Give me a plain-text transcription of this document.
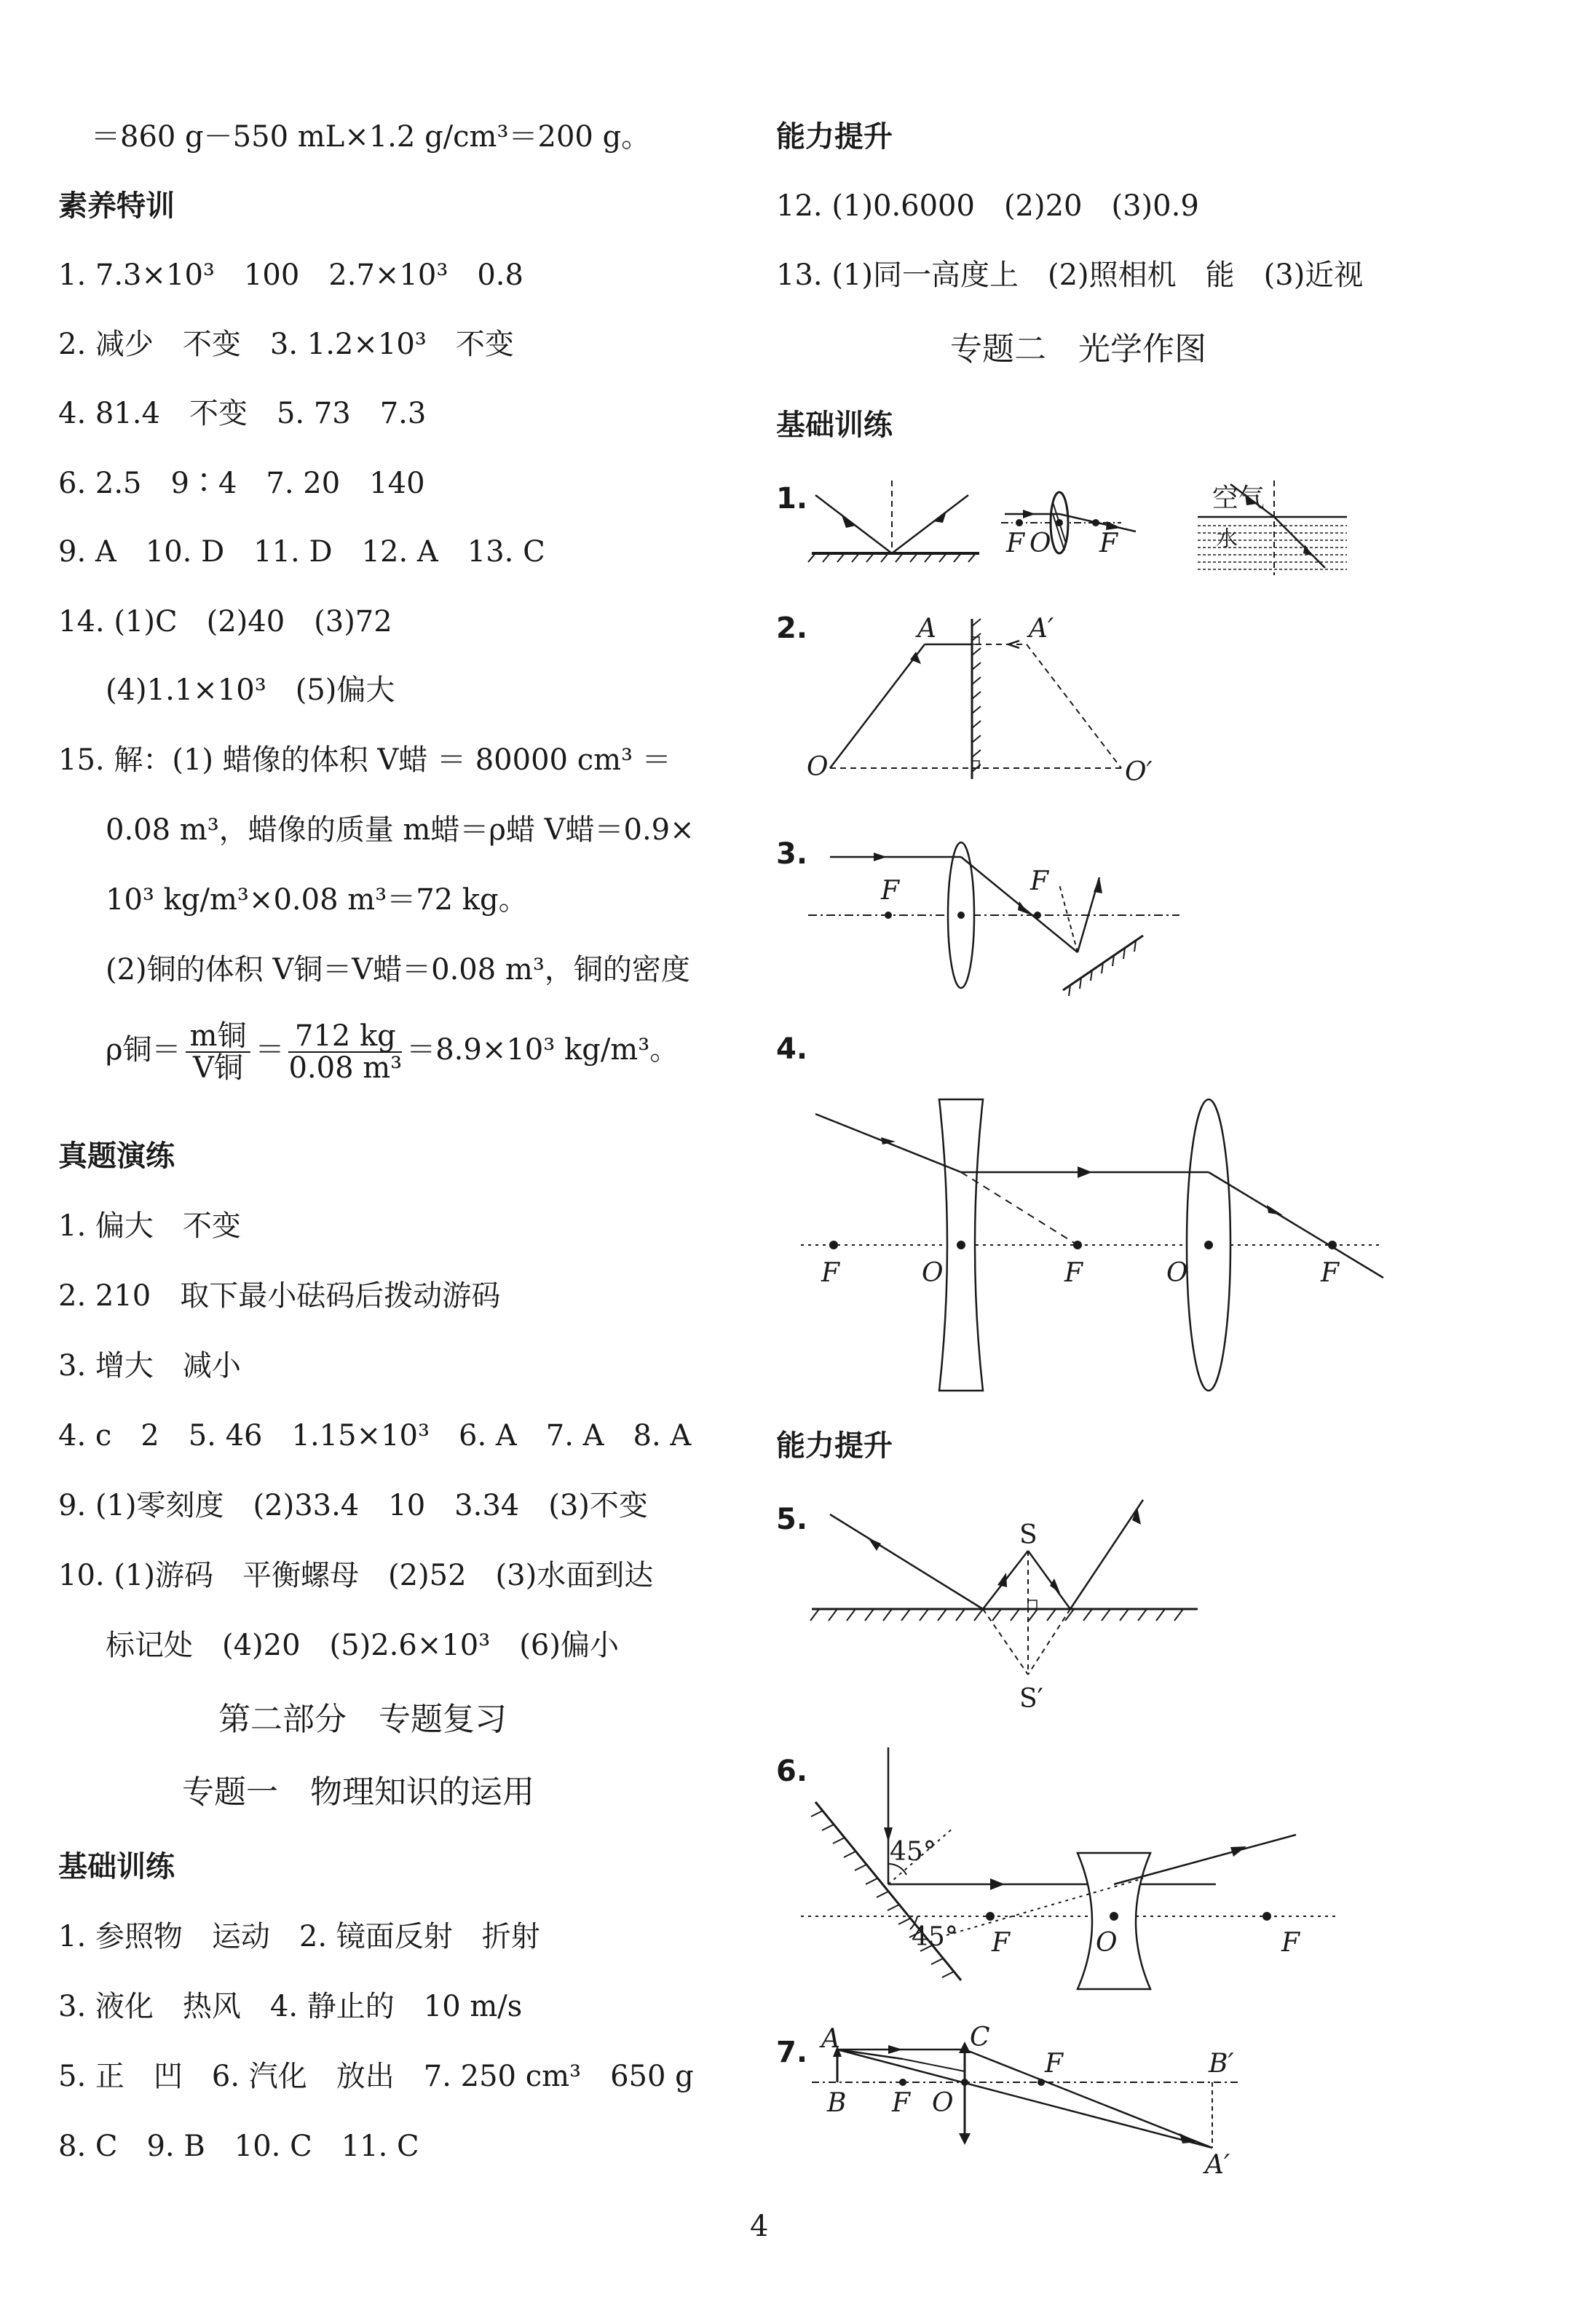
＝860 g－550 mL×1.2 g/cm³＝200 g。
素养特训
1. 7.3×10³　100　2.7×10³　0.8
2. 减少　不变　3. 1.2×10³　不变
4. 81.4　不变　5. 73　7.3
6. 2.5　9∶4　7. 20　140
9. A　10. D　11. D　12. A　13. C
14. (1)C　(2)40　(3)72
(4)1.1×10³　(5)偏大
15. 解：(1) 蜡像的体积 V蜡 ＝ 80000 cm³ ＝
0.08 m³，蜡像的质量 m蜡＝ρ蜡 V蜡＝0.9×
10³ kg/m³×0.08 m³＝72 kg。
(2)铜的体积 V铜＝V蜡＝0.08 m³，铜的密度
ρ铜＝ $\frac{\text{m铜}}{\text{V铜}} = \frac{712 kg}{\text{0.08 m³}} =8.9\times 10^3$ kg/m³。
真题演练
1. 偏大　不变
2. 210　取下最小砝码后拨动游码
3. 增大　减小
4. c　2　5. 46　1.15×10³　6. A　7. A　8. A
9. (1)零刻度　(2)33.4　10　3.34　(3)不变
10. (1)游码　平衡螺母　(2)52　(3)水面到达
标记处　(4)20　(5)2.6×10³　(6)偏小
第二部分　专题复习
专题一　物理知识的运用
基础训练
1. 参照物　运动　2. 镜面反射　折射
3. 液化　热风　4. 静止的　10 m/s
5. 正　凹　6. 汽化　放出　7. 250 cm³　650 g
8. C　9. B　10. C　11. C
能力提升
12. (1)0.6000　(2)20　(3)0.9
13. (1)同一高度上　(2)照相机　能　(3)近视
专题二　光学作图
基础训练
1.
2.
3.
4.
能力提升
5.
6.
7.
F O F
空气
水
A	A′
O	O′
F	F
F	O	F	O	F
S
S′
45°
45° F	O	F
A
B
C
F O
F	B′
A′
4
